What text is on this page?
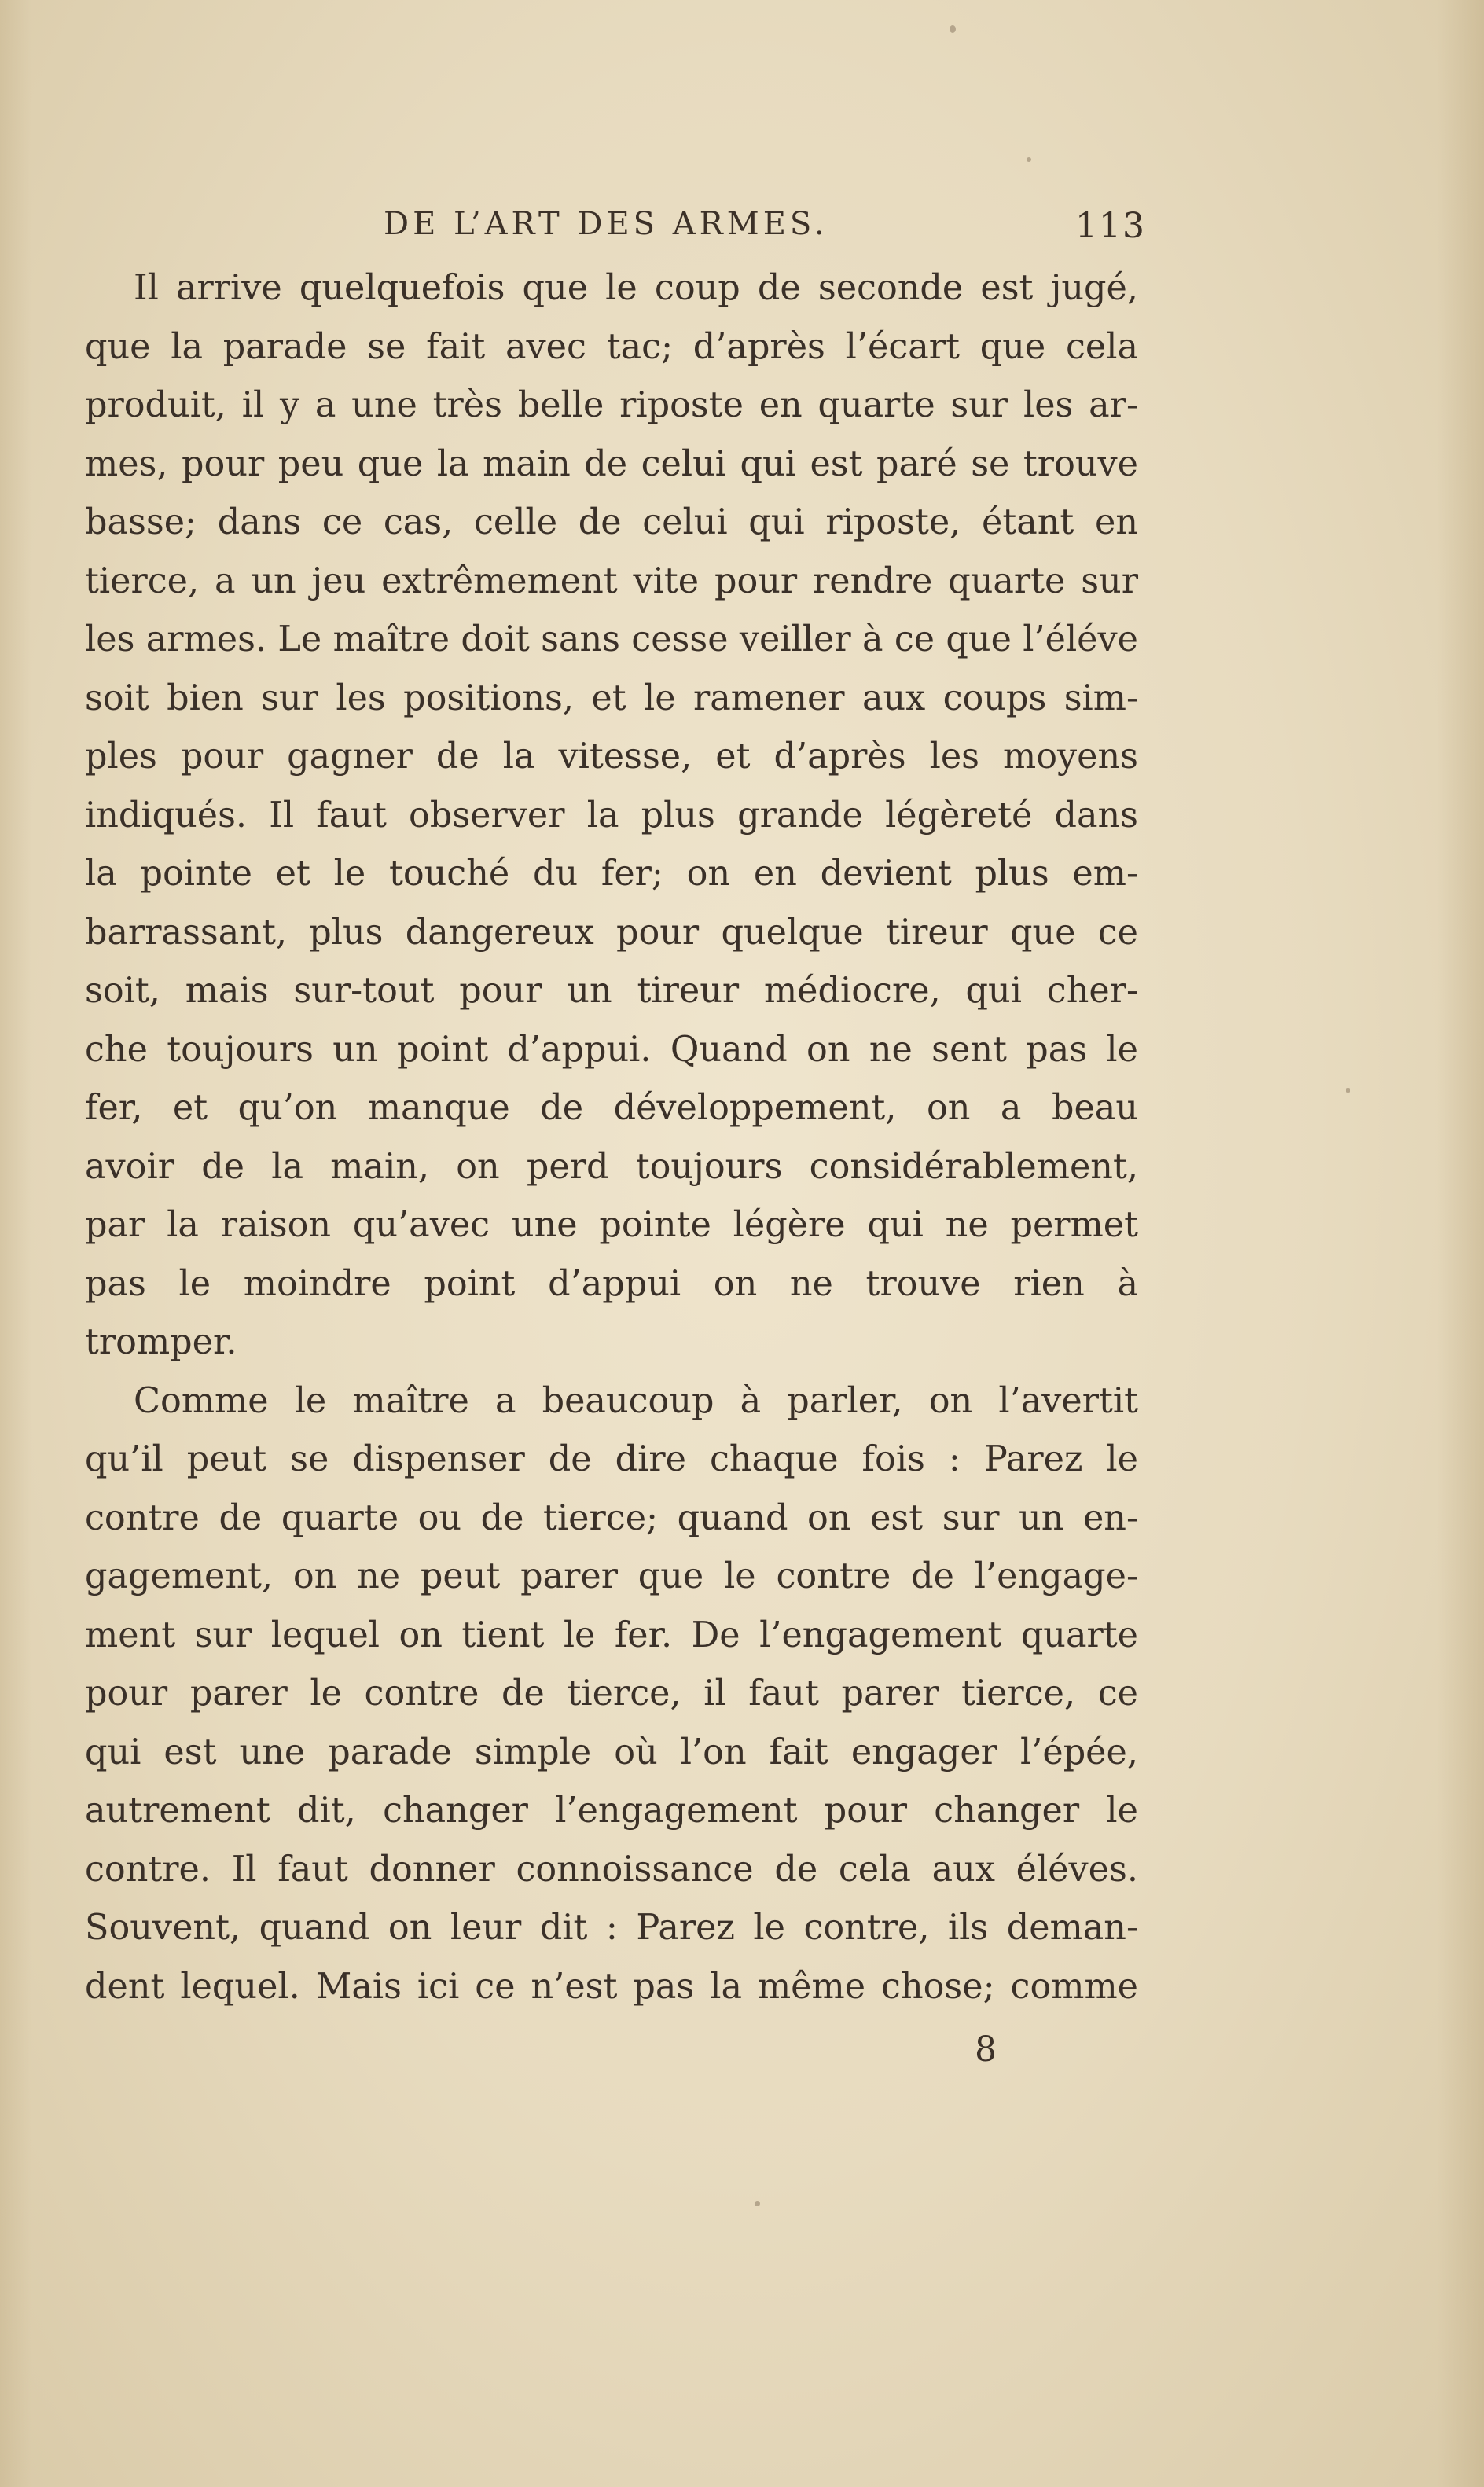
DE L’ART DES ARMES.	113
Il arrive quelquefois que le coup de seconde est jugé,
que la parade se fait avec tac; d’après l’écart que cela
produit, il y a une très belle riposte en quarte sur les ar-
mes, pour peu que la main de celui qui est paré se trouve
basse; dans ce cas, celle de celui qui riposte, étant en
tierce, a un jeu extrêmement vite pour rendre quarte sur
les armes. Le maître doit sans cesse veiller à ce que l’éléve
soit bien sur les positions, et le ramener aux coups sim-
ples pour gagner de la vitesse, et d’après les moyens
indiqués. Il faut observer la plus grande légèreté dans
la pointe et le touché du fer; on en devient plus em-
barrassant, plus dangereux pour quelque tireur que ce
soit, mais sur-tout pour un tireur médiocre, qui cher-
che toujours un point d’appui. Quand on ne sent pas le
fer, et qu’on manque de développement, on a beau
avoir de la main, on perd toujours considérablement,
par la raison qu’avec une pointe légère qui ne permet
pas le moindre point d’appui on ne trouve rien à
tromper.
Comme le maître a beaucoup à parler, on l’avertit
qu’il peut se dispenser de dire chaque fois : Parez le
contre de quarte ou de tierce; quand on est sur un en-
gagement, on ne peut parer que le contre de l’engage-
ment sur lequel on tient le fer. De l’engagement quarte
pour parer le contre de tierce, il faut parer tierce, ce
qui est une parade simple où l’on fait engager l’épée,
autrement dit, changer l’engagement pour changer le
contre. Il faut donner connoissance de cela aux éléves.
Souvent, quand on leur dit : Parez le contre, ils deman-
dent lequel. Mais ici ce n’est pas la même chose; comme
8
